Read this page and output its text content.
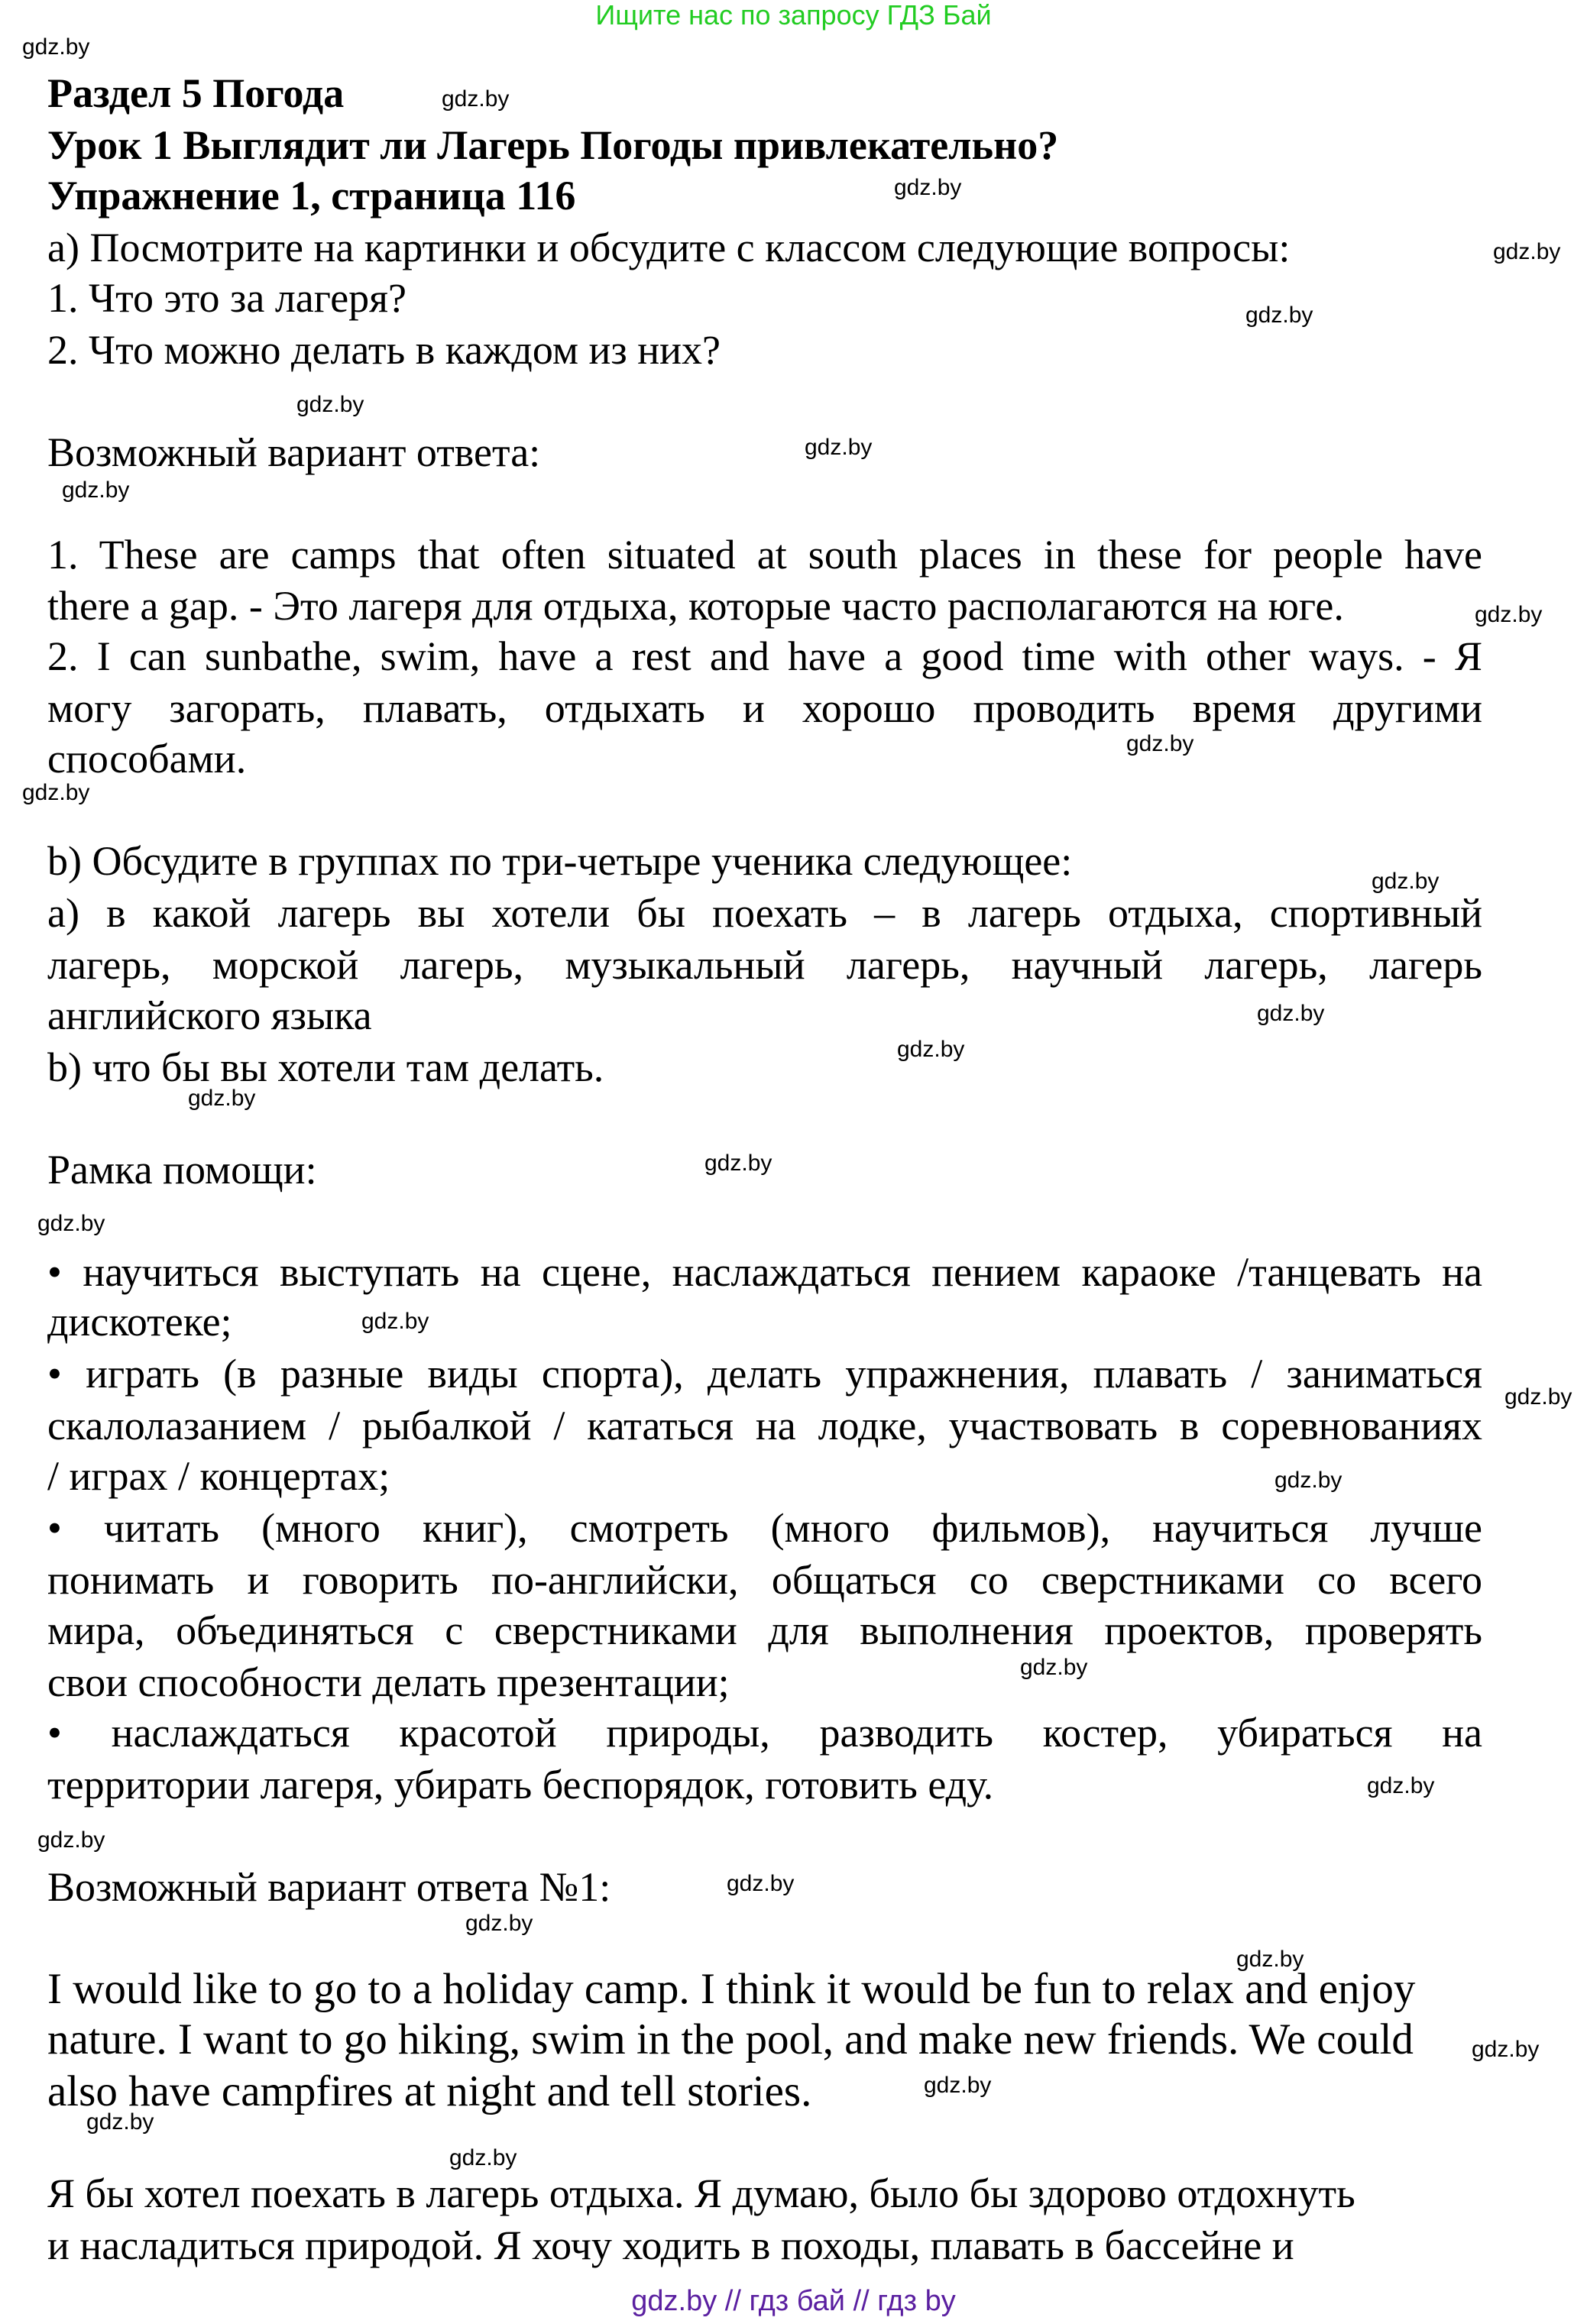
Ищите нас по запросу ГДЗ Бай
Раздел 5 Погода
Урок 1 Выглядит ли Лагерь Погоды привлекательно?
Упражнение 1, страница 116
а) Посмотрите на картинки и обсудите с классом следующие вопросы:
1. Что это за лагеря?
2. Что можно делать в каждом из них?
Возможный вариант ответа:
1. These are camps that often situated at south places in these for people have
there a gap. - Это лагеря для отдыха, которые часто располагаются на юге.
2. I can sunbathe, swim, have a rest and have a good time with other ways. - Я
могу загорать, плавать, отдыхать и хорошо проводить время другими
способами.
b) Обсудите в группах по три-четыре ученика следующее:
а) в какой лагерь вы хотели бы поехать – в лагерь отдыха, спортивный
лагерь, морской лагерь, музыкальный лагерь, научный лагерь, лагерь
английского языка
b) что бы вы хотели там делать.
Рамка помощи:
• научиться выступать на сцене, наслаждаться пением караоке /танцевать на
дискотеке;
• играть (в разные виды спорта), делать упражнения, плавать / заниматься
скалолазанием / рыбалкой / кататься на лодке, участвовать в соревнованиях
/ играх / концертах;
• читать (много книг), смотреть (много фильмов), научиться лучше
понимать и говорить по-английски, общаться со сверстниками со всего
мира, объединяться с сверстниками для выполнения проектов, проверять
свои способности делать презентации;
• наслаждаться красотой природы, разводить костер, убираться на
территории лагеря, убирать беспорядок, готовить еду.
Возможный вариант ответа №1:
I would like to go to a holiday camp. I think it would be fun to relax and enjoy
nature. I want to go hiking, swim in the pool, and make new friends. We could
also have campfires at night and tell stories.
Я бы хотел поехать в лагерь отдыха. Я думаю, было бы здорово отдохнуть
и насладиться природой. Я хочу ходить в походы, плавать в бассейне и
gdz.by // гдз бай // гдз by
gdz.by
gdz.by
gdz.by
gdz.by
gdz.by
gdz.by
gdz.by
gdz.by
gdz.by
gdz.by
gdz.by
gdz.by
gdz.by
gdz.by
gdz.by
gdz.by
gdz.by
gdz.by
gdz.by
gdz.by
gdz.by
gdz.by
gdz.by
gdz.by
gdz.by
gdz.by
gdz.by
gdz.by
gdz.by
gdz.by
